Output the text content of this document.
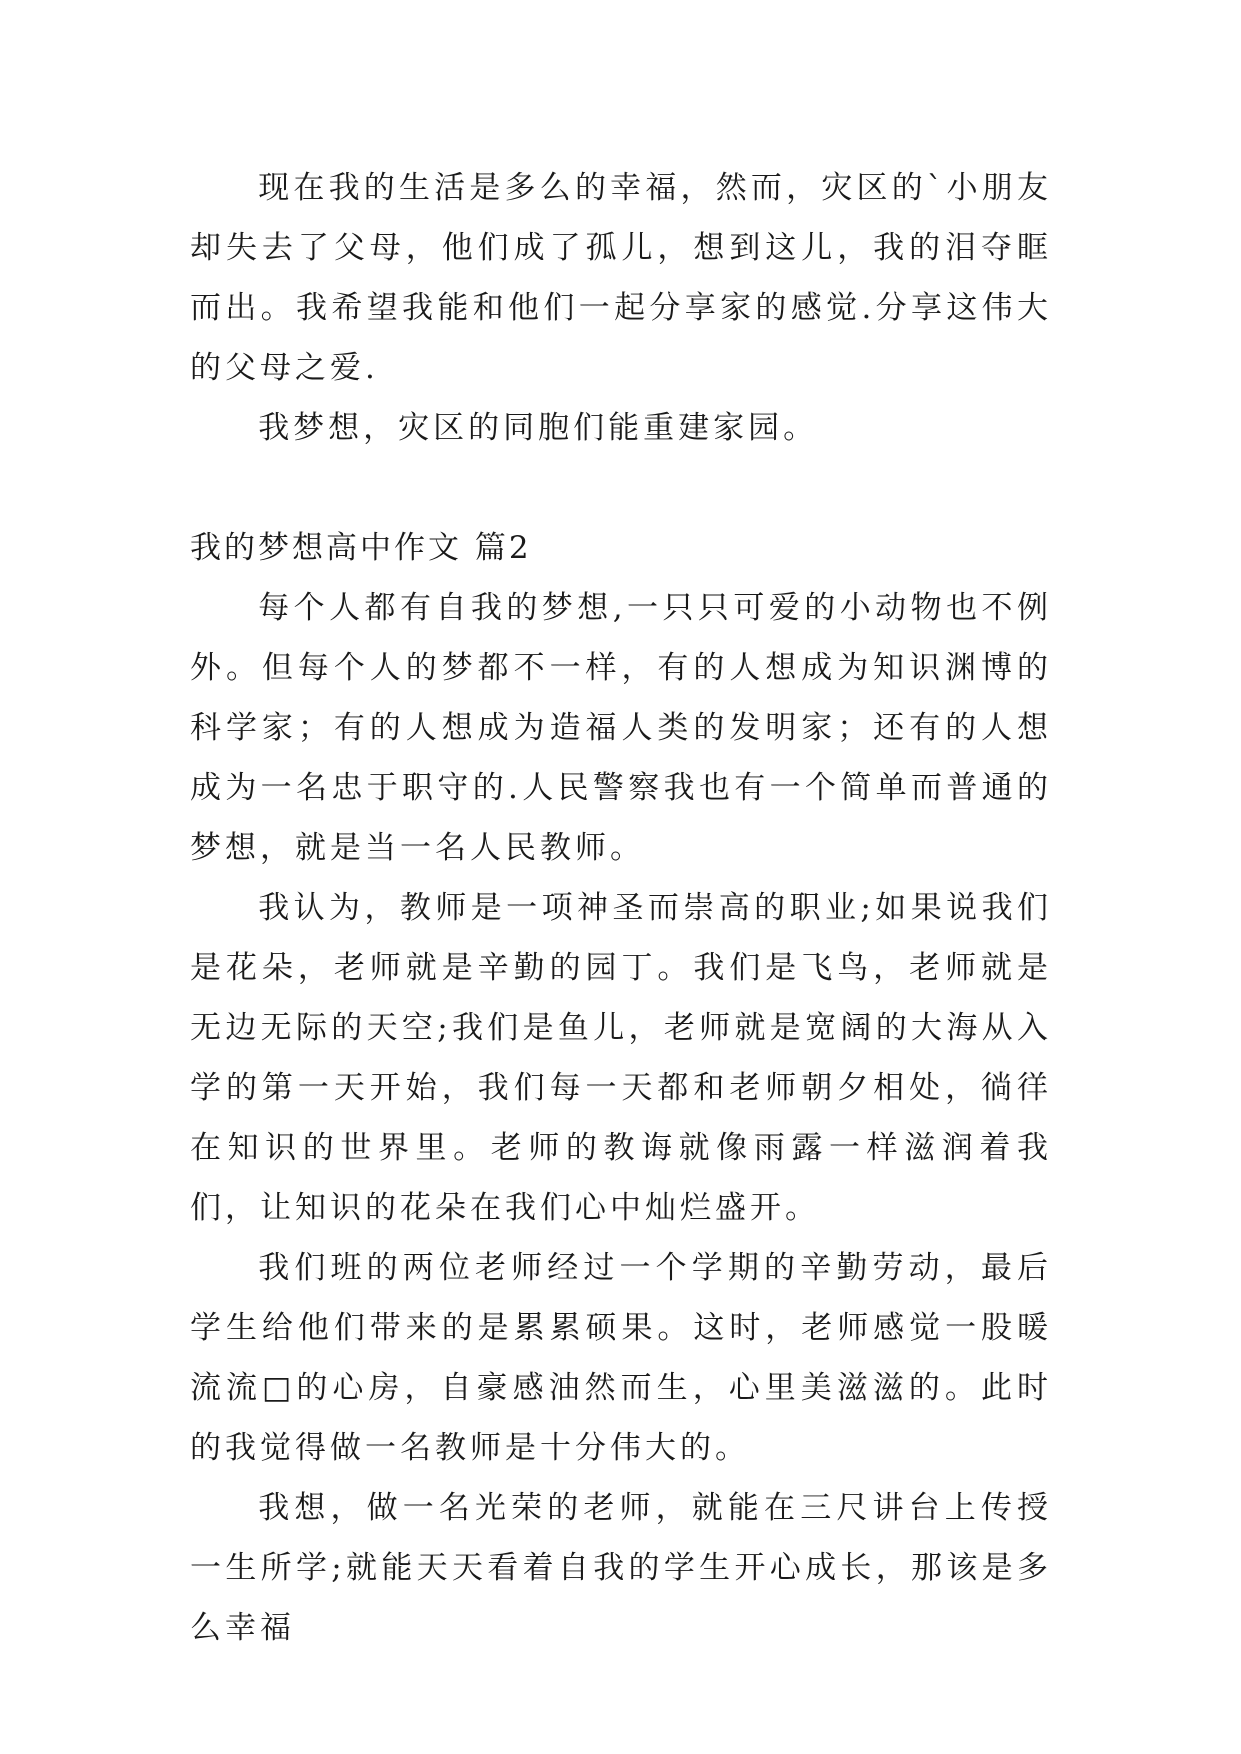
现在我的生活是多么的幸福，然而，灾区的`小朋友却失去了父母，他们成了孤儿，想到这儿，我的泪夺眶而出。我希望我能和他们一起分享家的感觉.分享这伟大的父母之爱.

我梦想，灾区的同胞们能重建家园。

我的梦想高中作文 篇2

每个人都有自我的梦想,一只只可爱的小动物也不例外。但每个人的梦都不一样，有的人想成为知识渊博的科学家；有的人想成为造福人类的发明家；还有的人想成为一名忠于职守的.人民警察我也有一个简单而普通的梦想，就是当一名人民教师。

我认为，教师是一项神圣而崇高的职业;如果说我们是花朵，老师就是辛勤的园丁。我们是飞鸟，老师就是无边无际的天空;我们是鱼儿，老师就是宽阔的大海从入学的第一天开始，我们每一天都和老师朝夕相处，徜徉在知识的世界里。老师的教诲就像雨露一样滋润着我们，让知识的花朵在我们心中灿烂盛开。

我们班的两位老师经过一个学期的辛勤劳动，最后学生给他们带来的是累累硕果。这时，老师感觉一股暖流流□的心房，自豪感油然而生，心里美滋滋的。此时的我觉得做一名教师是十分伟大的。

我想，做一名光荣的老师，就能在三尺讲台上传授一生所学;就能天天看着自我的学生开心成长，那该是多么幸福
